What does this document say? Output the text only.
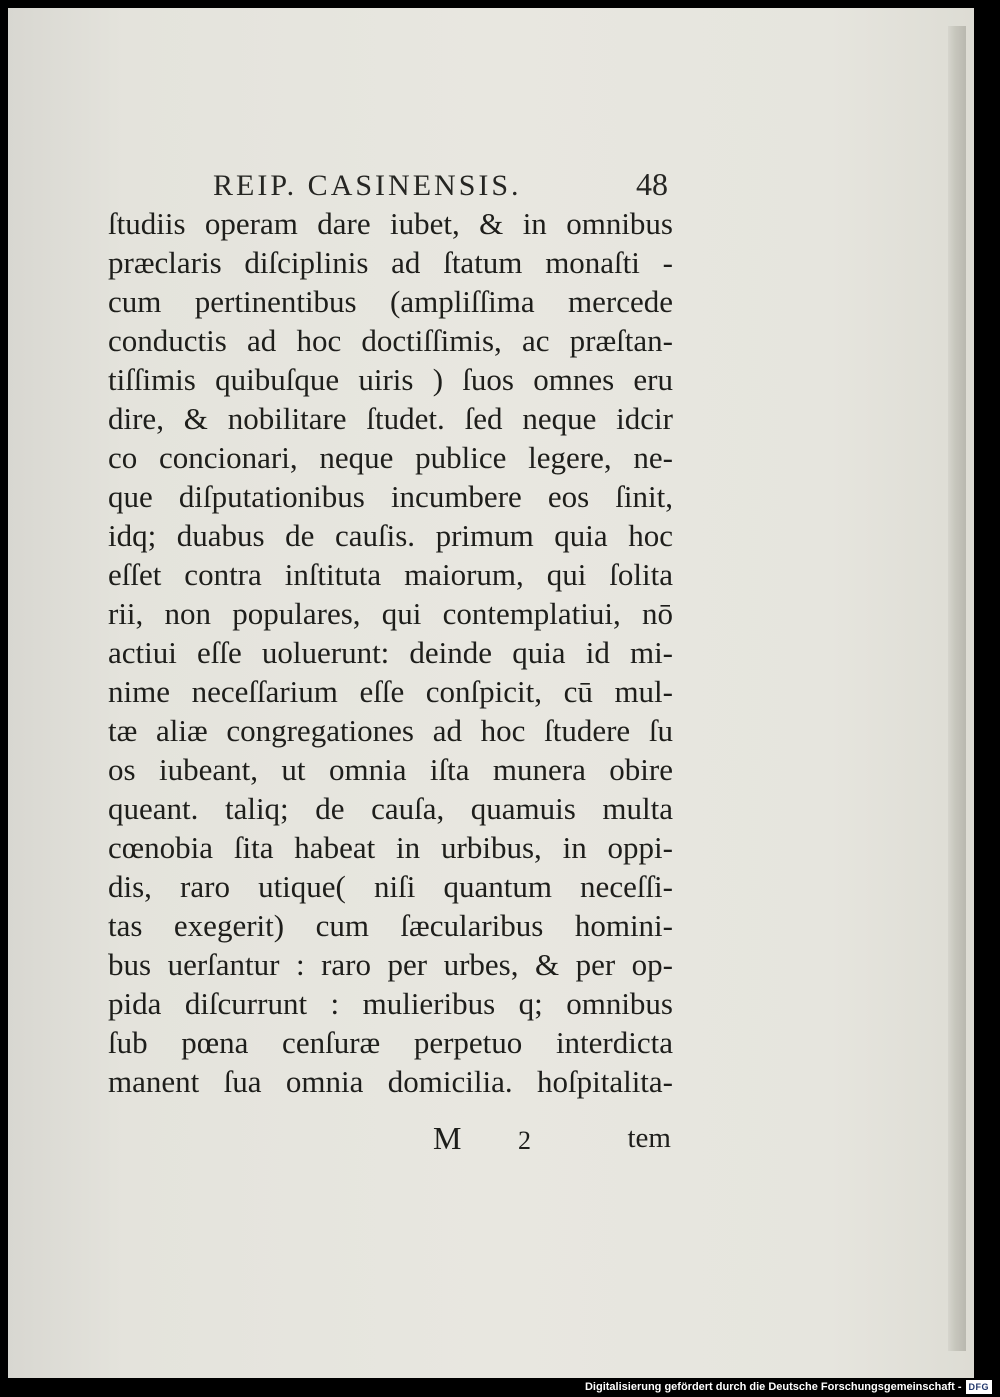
REIP. CASINENSIS.	48
ſtudiis operam dare iubet, & in omnibus
præclaris diſciplinis ad ſtatum monaſti -
cum pertinentibus (ampliſſima mercede
conductis ad hoc doctiſſimis, ac præſtan-
tiſſimis quibuſque uiris ) ſuos omnes eru
dire, & nobilitare ſtudet. ſed neque idcir
co concionari, neque publice legere, ne-
que diſputationibus incumbere eos ſinit,
idq; duabus de cauſis. primum quia hoc
eſſet contra inſtituta maiorum, qui ſolita
rii, non populares, qui contemplatiui, nō
actiui eſſe uoluerunt: deinde quia id mi-
nime neceſſarium eſſe conſpicit, cū mul-
tæ aliæ congregationes ad hoc ſtudere ſu
os iubeant, ut omnia iſta munera obire
queant. taliq; de cauſa, quamuis multa
cœnobia ſita habeat in urbibus, in oppi-
dis, raro utique( niſi quantum neceſſi-
tas exegerit) cum ſæcularibus homini-
bus uerſantur : raro per urbes, & per op-
pida diſcurrunt : mulieribus q; omnibus
ſub pœna cenſuræ perpetuo interdicta
manent ſua omnia domicilia. hoſpitalita-
M 2	tem
Digitalisierung gefördert durch die Deutsche Forschungsgemeinschaft - DFG
